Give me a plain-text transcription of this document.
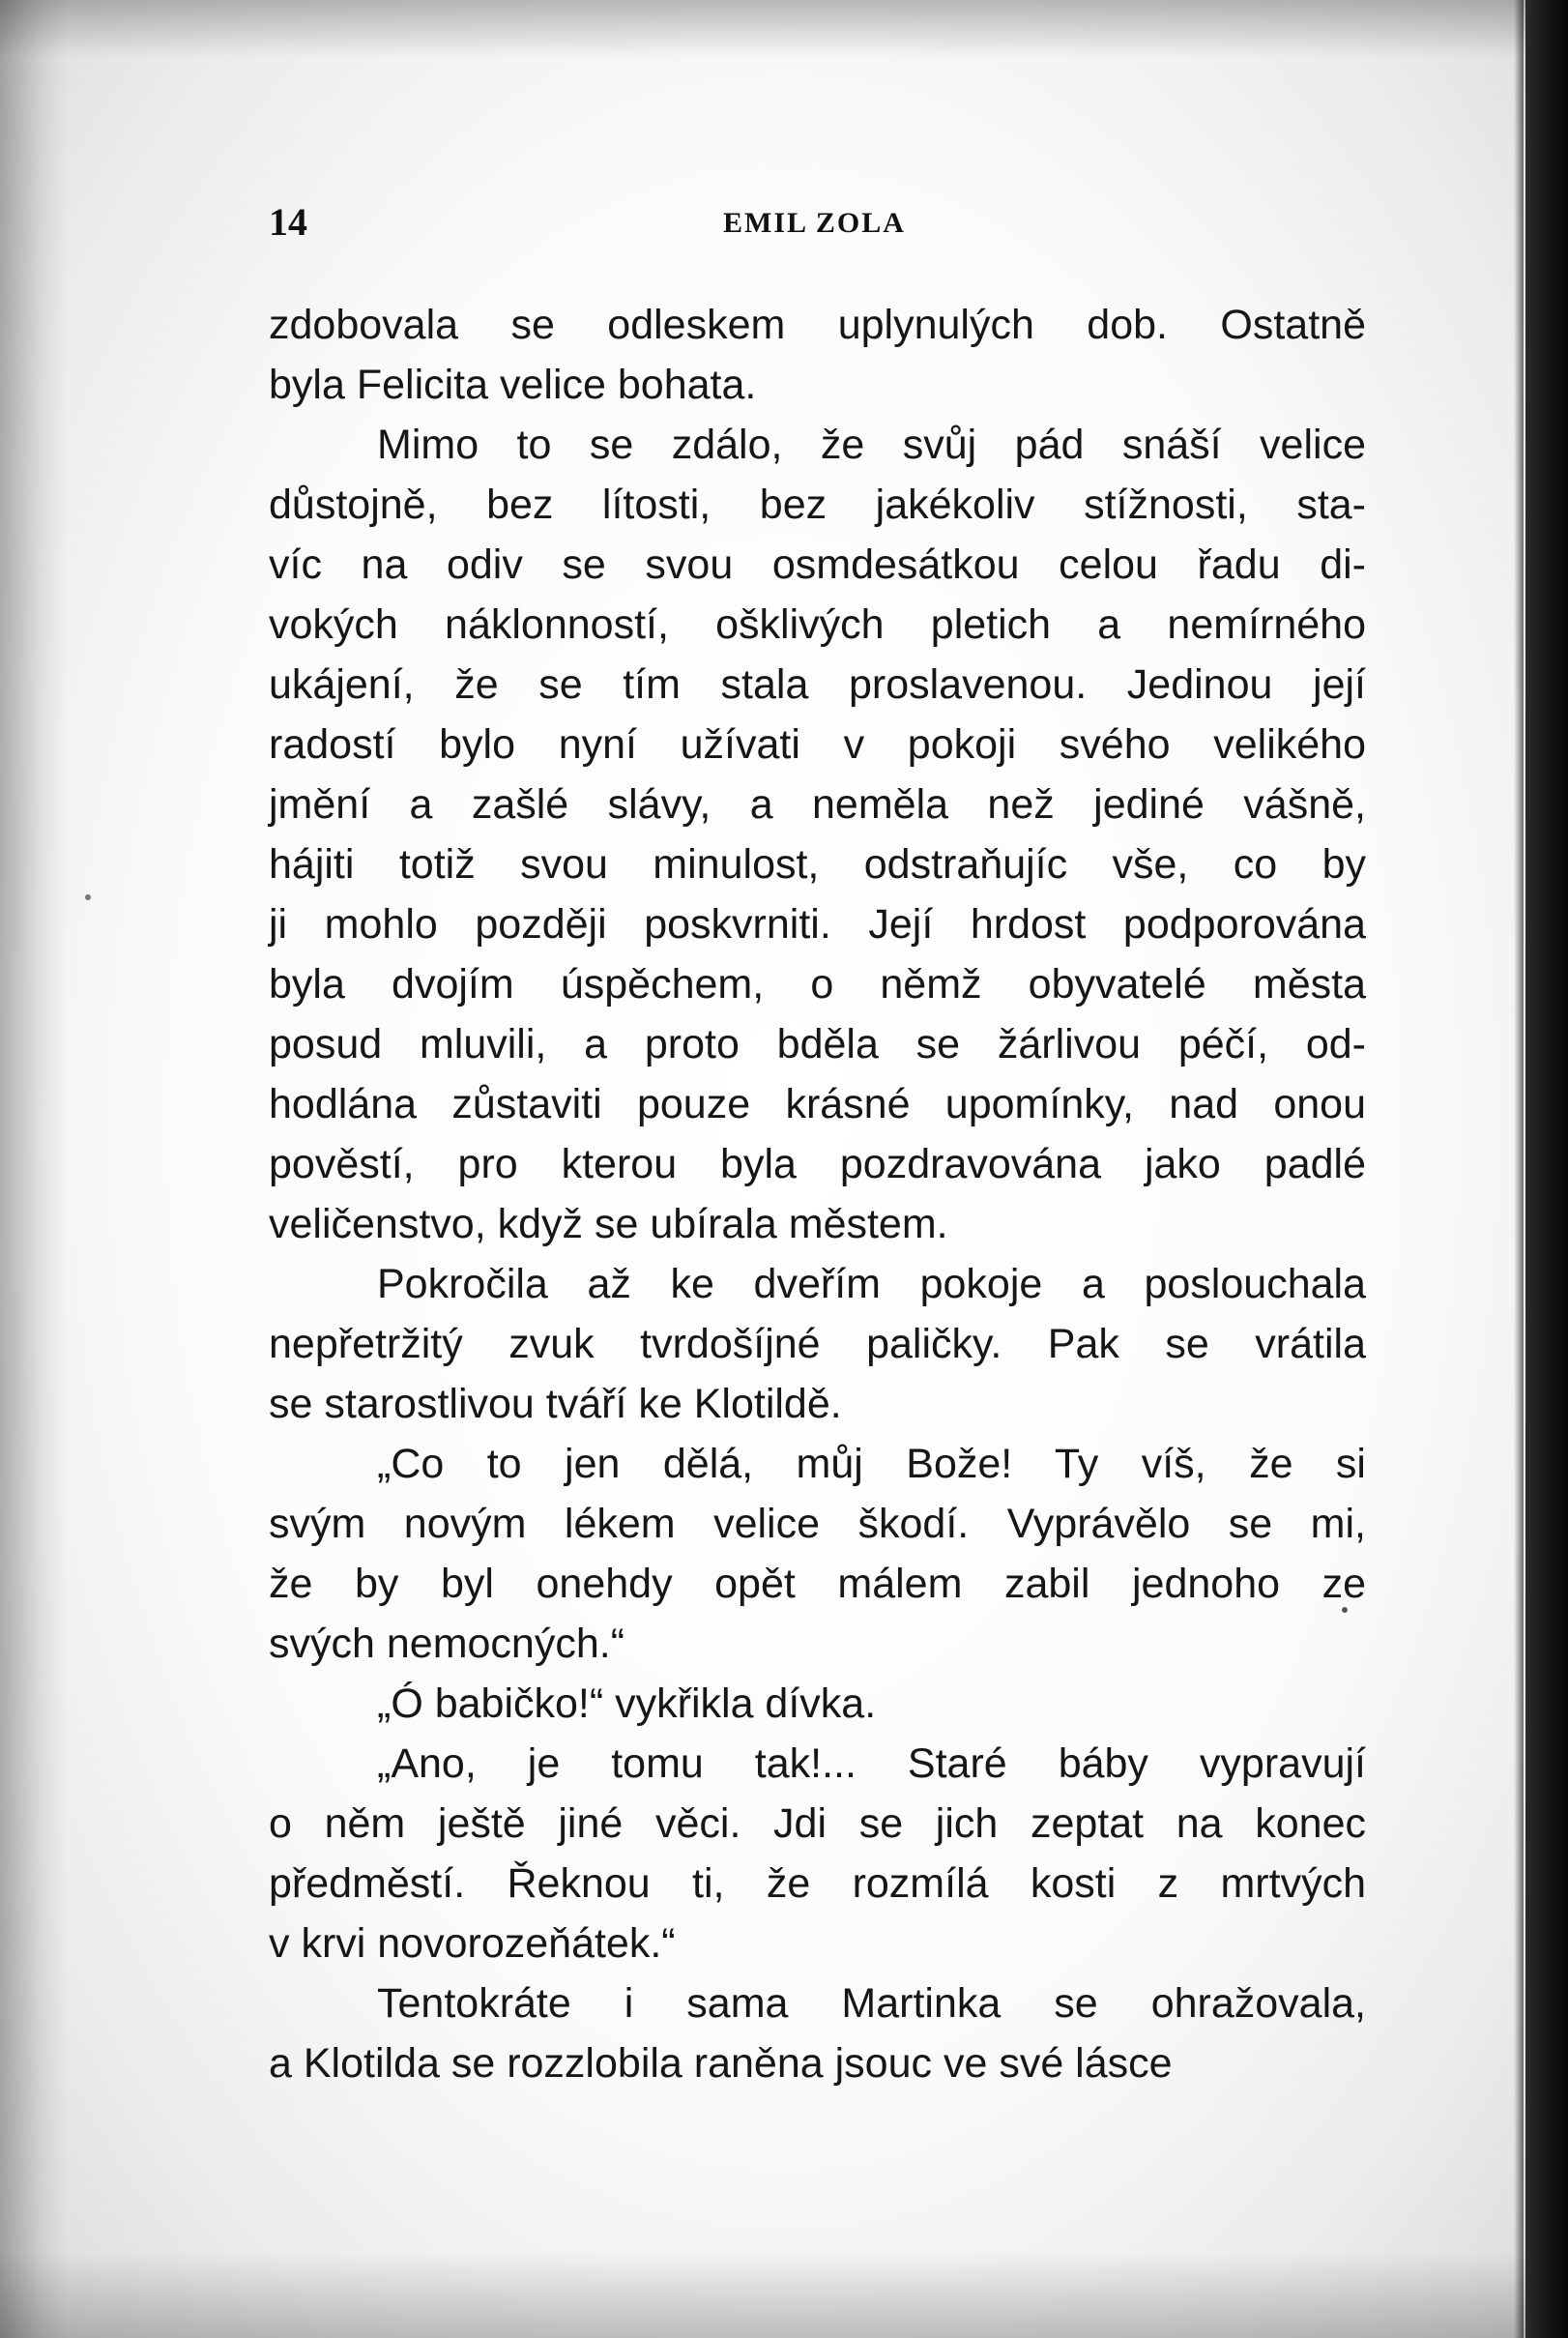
14	EMIL ZOLA
zdobovala se odleskem uplynulých dob. Ostatně
byla Felicita velice bohata.
Mimo to se zdálo, že svůj pád snáší velice
důstojně, bez lítosti, bez jakékoliv stížnosti, sta-
víc na odiv se svou osmdesátkou celou řadu di-
vokých náklonností, ošklivých pletich a nemírného
ukájení, že se tím stala proslavenou. Jedinou její
radostí bylo nyní užívati v pokoji svého velikého
jmění a zašlé slávy, a neměla než jediné vášně,
hájiti totiž svou minulost, odstraňujíc vše, co by
ji mohlo později poskvrniti. Její hrdost podporována
byla dvojím úspěchem, o němž obyvatelé města
posud mluvili, a proto bděla se žárlivou péčí, od-
hodlána zůstaviti pouze krásné upomínky, nad onou
pověstí, pro kterou byla pozdravována jako padlé
veličenstvo, když se ubírala městem.
Pokročila až ke dveřím pokoje a poslouchala
nepřetržitý zvuk tvrdošíjné paličky. Pak se vrátila
se starostlivou tváří ke Klotildě.
„Co to jen dělá, můj Bože! Ty víš, že si
svým novým lékem velice škodí. Vyprávělo se mi,
že by byl onehdy opět málem zabil jednoho ze
svých nemocných.“
„Ó babičko!“ vykřikla dívka.
„Ano, je tomu tak!... Staré báby vypravují
o něm ještě jiné věci. Jdi se jich zeptat na konec
předměstí. Řeknou ti, že rozmílá kosti z mrtvých
v krvi novorozeňátek.“
Tentokráte i sama Martinka se ohražovala,
a Klotilda se rozzlobila raněna jsouc ve své lásce
